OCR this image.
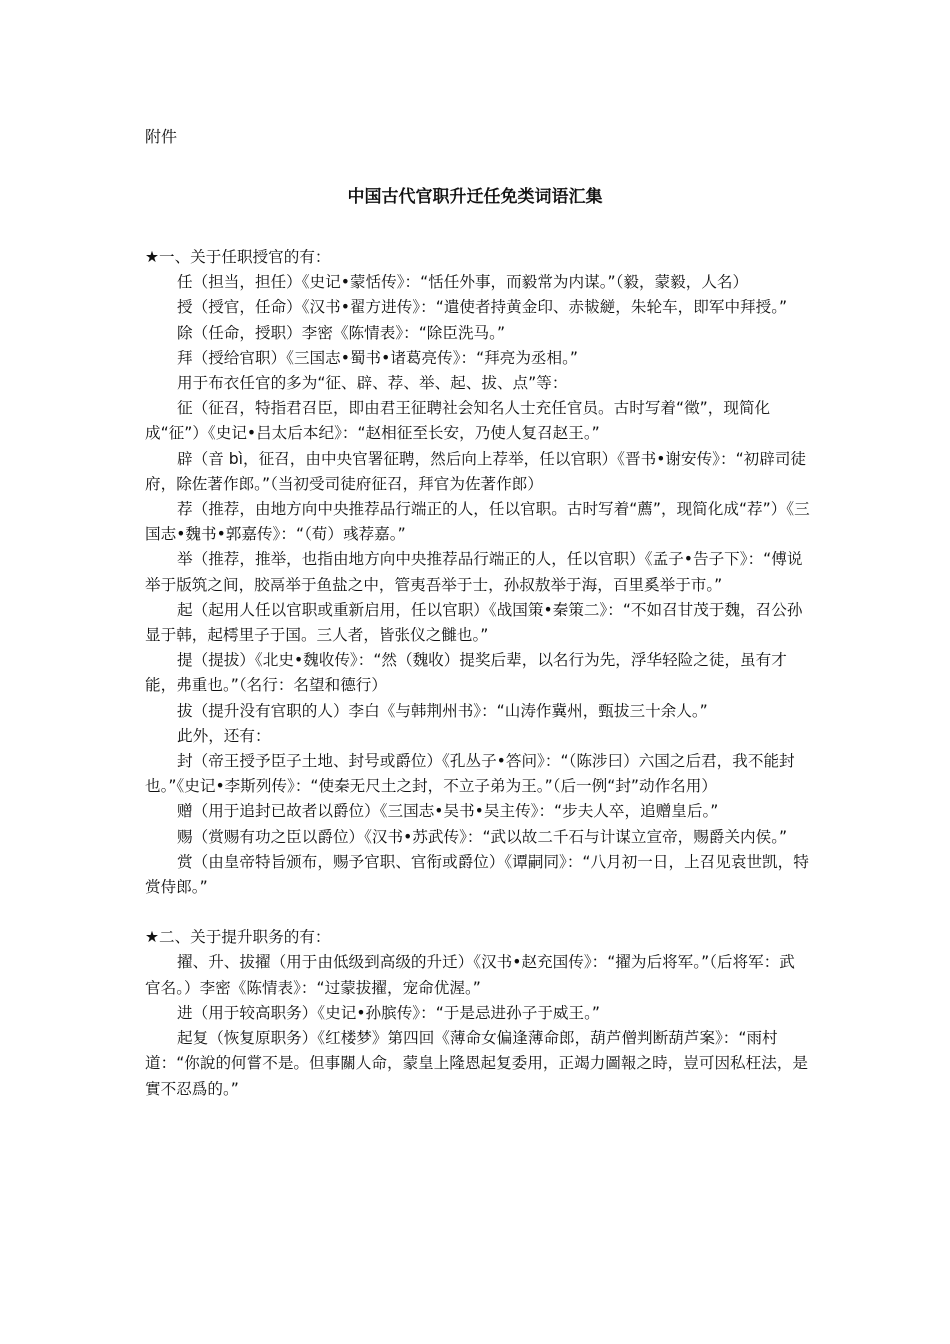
附件
中国古代官职升迁任免类词语汇集

★一、关于任职授官的有：

任（担当，担任）《史记•蒙恬传》：“恬任外事，而毅常为内谋。”（毅，蒙毅，人名）

授（授官，任命）《汉书•翟方进传》：“遣使者持黄金印、赤韨縌，朱轮车，即军中拜授。”

除（任命，授职）李密《陈情表》：“除臣洗马。”

拜（授给官职）《三国志•蜀书•诸葛亮传》：“拜亮为丞相。”

用于布衣任官的多为“征、辟、荐、举、起、拔、点”等：

征（征召，特指君召臣，即由君王征聘社会知名人士充任官员。古时写着“徵”，现简化成“征”）《史记•吕太后本纪》：“赵相征至长安，乃使人复召赵王。”

辟（音 bì，征召，由中央官署征聘，然后向上荐举，任以官职）《晋书•谢安传》：“初辟司徒府，除佐著作郎。”（当初受司徒府征召，拜官为佐著作郎）

荐（推荐，由地方向中央推荐品行端正的人，任以官职。古时写着“薦”，现简化成“荐”）《三国志•魏书•郭嘉传》：“（荀）彧荐嘉。”

举（推荐，推举，也指由地方向中央推荐品行端正的人，任以官职）《孟子•告子下》：“傅说举于版筑之间，胶鬲举于鱼盐之中，管夷吾举于士，孙叔敖举于海，百里奚举于市。”

起（起用人任以官职或重新启用，任以官职）《战国策•秦策二》：“不如召甘茂于魏，召公孙显于韩，起樗里子于国。三人者，皆张仪之雠也。”

提（提拔）《北史•魏收传》：“然（魏收）提奖后辈，以名行为先，浮华轻险之徒，虽有才能，弗重也。”（名行：名望和德行）

拔（提升没有官职的人）李白《与韩荆州书》：“山涛作冀州，甄拔三十余人。”

此外，还有：

封（帝王授予臣子土地、封号或爵位）《孔丛子•答问》：“（陈涉曰）六国之后君，我不能封也。”《史记•李斯列传》：“使秦无尺土之封，不立子弟为王。”（后一例“封”动作名用）

赠（用于追封已故者以爵位）《三国志•吴书•吴主传》：“步夫人卒，追赠皇后。”

赐（赏赐有功之臣以爵位）《汉书•苏武传》：“武以故二千石与计谋立宣帝，赐爵关内侯。”

赏（由皇帝特旨颁布，赐予官职、官衔或爵位）《谭嗣同》：“八月初一日，上召见袁世凯，特赏侍郎。”

★二、关于提升职务的有：

擢、升、拔擢（用于由低级到高级的升迁）《汉书•赵充国传》：“擢为后将军。”（后将军：武官名。）李密《陈情表》：“过蒙拔擢，宠命优渥。”

进（用于较高职务）《史记•孙膑传》：“于是忌进孙子于威王。”

起复（恢复原职务）《红楼梦》第四回《薄命女偏逢薄命郎，葫芦僧判断葫芦案》：“雨村道：“你說的何嘗不是。但事關人命，蒙皇上隆恩起复委用，正竭力圖報之時，豈可因私枉法，是實不忍爲的。”
